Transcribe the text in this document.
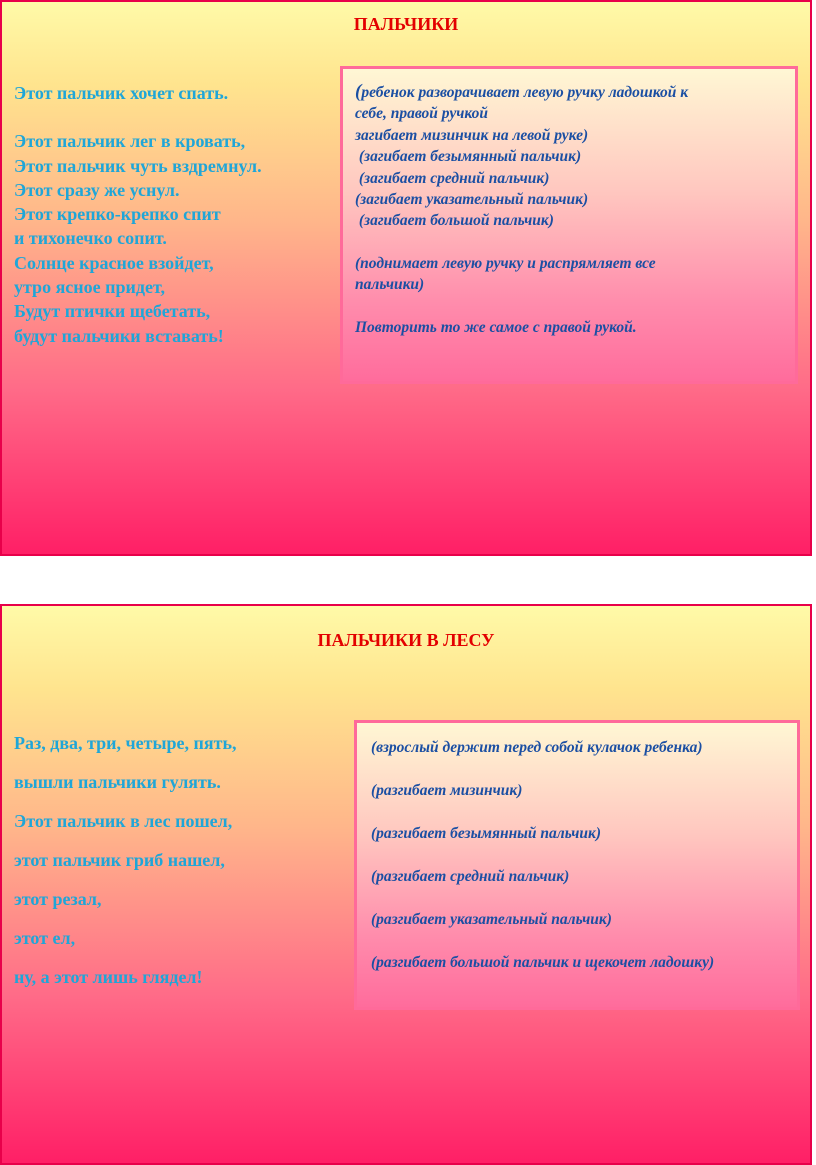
ПАЛЬЧИКИ
Этот пальчик хочет спать.
Этот пальчик лег в кровать,
Этот пальчик чуть вздремнул.
Этот сразу же уснул.
Этот крепко-крепко спит
и тихонечко сопит.
Солнце красное взойдет,
утро ясное придет,
Будут птички щебетать,
будут пальчики вставать!
(ребенок разворачивает левую ручку ладошкой к
себе, правой ручкой
загибает мизинчик на левой руке)
(загибает безымянный пальчик)
(загибает средний пальчик)
(загибает указательный пальчик)
(загибает большой пальчик)
(поднимает левую ручку и распрямляет все
пальчики)
Повторить то же самое с правой рукой.
ПАЛЬЧИКИ В ЛЕСУ
Раз, два, три, четыре, пять,
вышли пальчики гулять.
Этот пальчик в лес пошел,
этот пальчик гриб нашел,
этот резал,
этот ел,
ну, а этот лишь глядел!
(взрослый держит перед собой кулачок ребенка)
(разгибает мизинчик)
(разгибает безымянный пальчик)
(разгибает средний пальчик)
(разгибает указательный пальчик)
(разгибает большой пальчик и щекочет ладошку)
